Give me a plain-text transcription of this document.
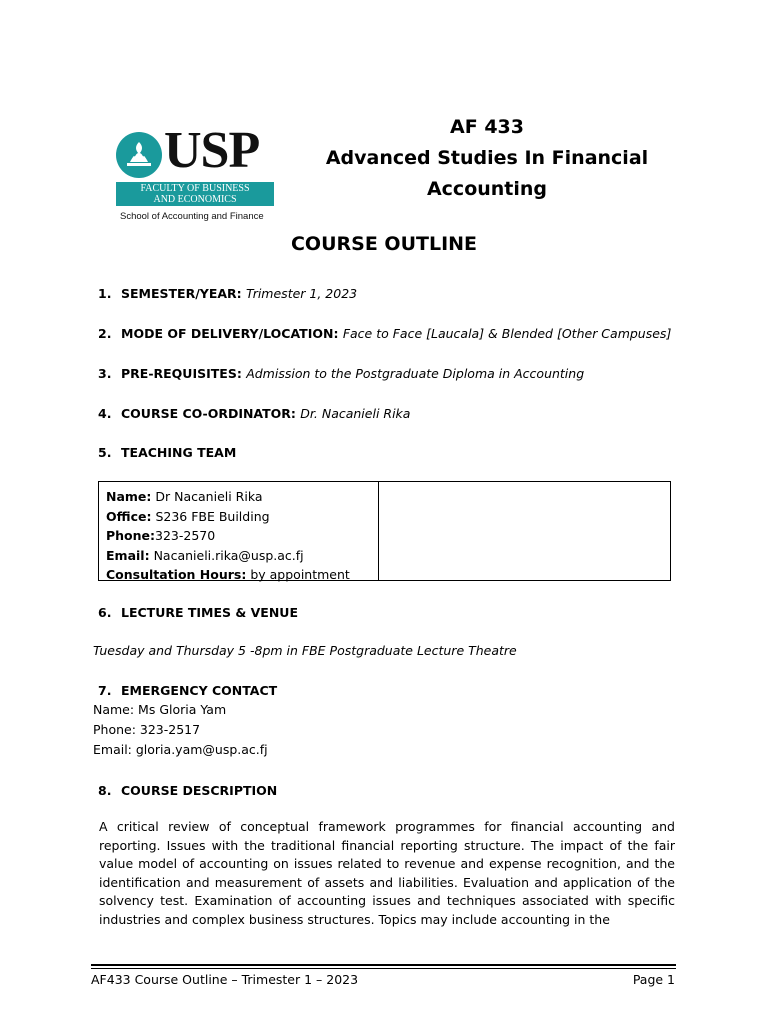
USP
FACULTY OF BUSINESS
AND ECONOMICS
School of Accounting and Finance
AF 433
Advanced Studies In Financial
Accounting
COURSE OUTLINE
1. SEMESTER/YEAR: Trimester 1, 2023
2. MODE OF DELIVERY/LOCATION: Face to Face [Laucala] & Blended [Other Campuses]
3. PRE-REQUISITES: Admission to the Postgraduate Diploma in Accounting
4. COURSE CO-ORDINATOR: Dr. Nacanieli Rika
5. TEACHING TEAM
Name: Dr Nacanieli Rika
Office: S236 FBE Building
Phone:323-2570
Email: Nacanieli.rika@usp.ac.fj
Consultation Hours: by appointment
6. LECTURE TIMES & VENUE
Tuesday and Thursday 5 -8pm in FBE Postgraduate Lecture Theatre
7. EMERGENCY CONTACT
Name: Ms Gloria Yam
Phone: 323-2517
Email: gloria.yam@usp.ac.fj
8. COURSE DESCRIPTION
A critical review of conceptual framework programmes for financial accounting and reporting. Issues with the traditional financial reporting structure. The impact of the fair value model of accounting on issues related to revenue and expense recognition, and the identification and measurement of assets and liabilities. Evaluation and application of the solvency test. Examination of accounting issues and techniques associated with specific industries and complex business structures. Topics may include accounting in the
AF433 Course Outline – Trimester 1 – 2023	Page 1
